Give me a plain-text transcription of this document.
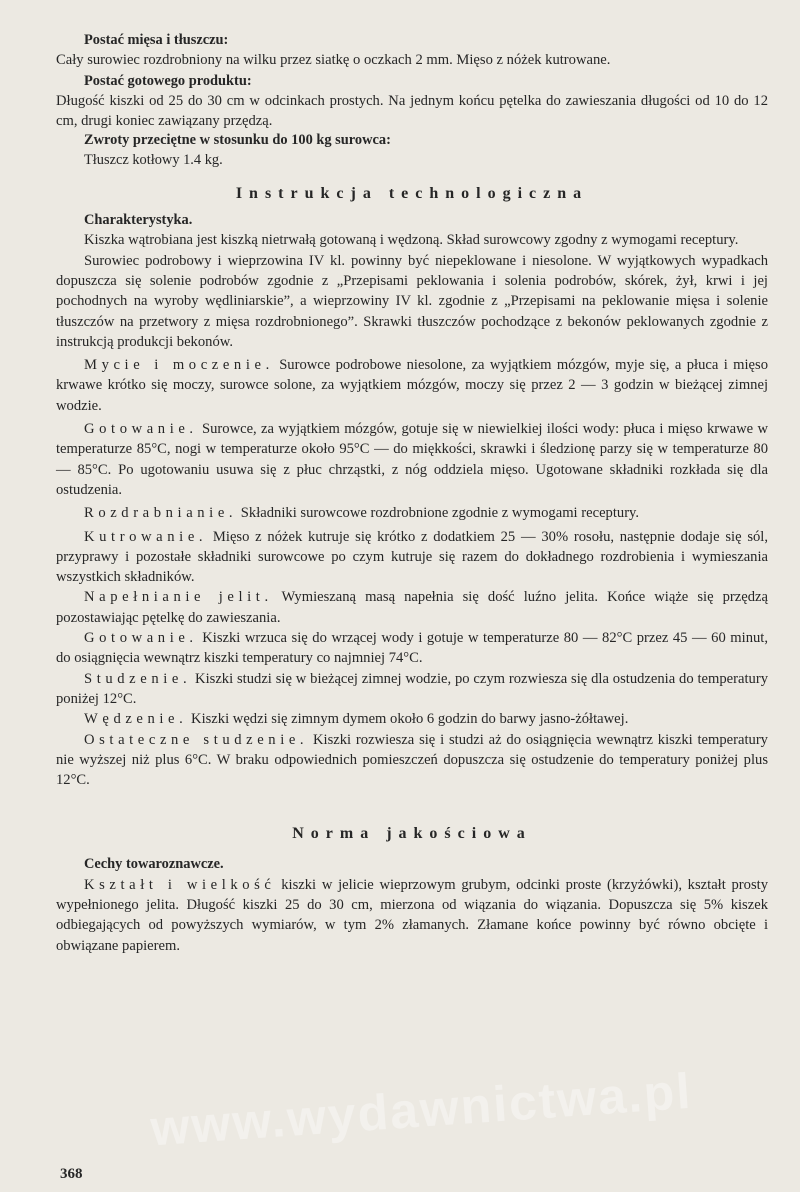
www.wydawnictwa.pl

Postać mięsa i tłuszczu:

Cały surowiec rozdrobniony na wilku przez siatkę o oczkach 2 mm. Mięso z nóżek kutrowane.

Postać gotowego produktu:

Długość kiszki od 25 do 30 cm w odcinkach prostych. Na jednym końcu pętelka do zawieszania długości od 10 do 12 cm, drugi koniec zawiązany przędzą.

Zwroty przeciętne w stosunku do 100 kg surowca:

Tłuszcz kotłowy 1.4 kg.

Instrukcja technologiczna

Charakterystyka.

Kiszka wątrobiana jest kiszką nietrwałą gotowaną i wędzoną. Skład surowcowy zgodny z wymogami receptury.

Surowiec podrobowy i wieprzowina IV kl. powinny być niepeklowane i niesolone. W wyjątkowych wypadkach dopuszcza się solenie podrobów zgodnie z „Przepisami peklowania i solenia podrobów, skórek, żył, krwi i jej pochodnych na wyroby wędliniarskie”, a wieprzowiny IV kl. zgodnie z „Przepisami na peklowanie mięsa i solenie tłuszczów na przetwory z mięsa rozdrobnionego”. Skrawki tłuszczów pochodzące z bekonów peklowanych zgodnie z instrukcją produkcji bekonów.

Mycie i moczenie. Surowce podrobowe niesolone, za wyjątkiem mózgów, myje się, a płuca i mięso krwawe krótko się moczy, surowce solone, za wyjątkiem mózgów, moczy się przez 2 — 3 godzin w bieżącej zimnej wodzie.

Gotowanie. Surowce, za wyjątkiem mózgów, gotuje się w niewielkiej ilości wody: płuca i mięso krwawe w temperaturze 85°C, nogi w temperaturze około 95°C — do miękkości, skrawki i śledzionę parzy się w temperaturze 80 — 85°C. Po ugotowaniu usuwa się z płuc chrząstki, z nóg oddziela mięso. Ugotowane składniki rozkłada się dla ostudzenia.

Rozdrabnianie. Składniki surowcowe rozdrobnione zgodnie z wymogami receptury.

Kutrowanie. Mięso z nóżek kutruje się krótko z dodatkiem 25 — 30% rosołu, następnie dodaje się sól, przyprawy i pozostałe składniki surowcowe po czym kutruje się razem do dokładnego rozdrobienia i wymieszania wszystkich składników.

Napełnianie jelit. Wymieszaną masą napełnia się dość luźno jelita. Końce wiąże się przędzą pozostawiając pętelkę do zawieszania.

Gotowanie. Kiszki wrzuca się do wrzącej wody i gotuje w temperaturze 80 — 82°C przez 45 — 60 minut, do osiągnięcia wewnątrz kiszki temperatury co najmniej 74°C.

Studzenie. Kiszki studzi się w bieżącej zimnej wodzie, po czym rozwiesza się dla ostudzenia do temperatury poniżej 12°C.

Wędzenie. Kiszki wędzi się zimnym dymem około 6 godzin do barwy jasno-żółtawej.

Ostateczne studzenie. Kiszki rozwiesza się i studzi aż do osiągnięcia wewnątrz kiszki temperatury nie wyższej niż plus 6°C. W braku odpowiednich pomieszczeń dopuszcza się ostudzenie do temperatury poniżej plus 12°C.

Norma jakościowa

Cechy towaroznawcze.

Kształt i wielkość kiszki w jelicie wieprzowym grubym, odcinki proste (krzyżówki), kształt prosty wypełnionego jelita. Długość kiszki 25 do 30 cm, mierzona od wiązania do wiązania. Dopuszcza się 5% kiszek odbiegających od powyższych wymiarów, w tym 2% złamanych. Złamane końce powinny być równo obcięte i obwiązane papierem.

368
